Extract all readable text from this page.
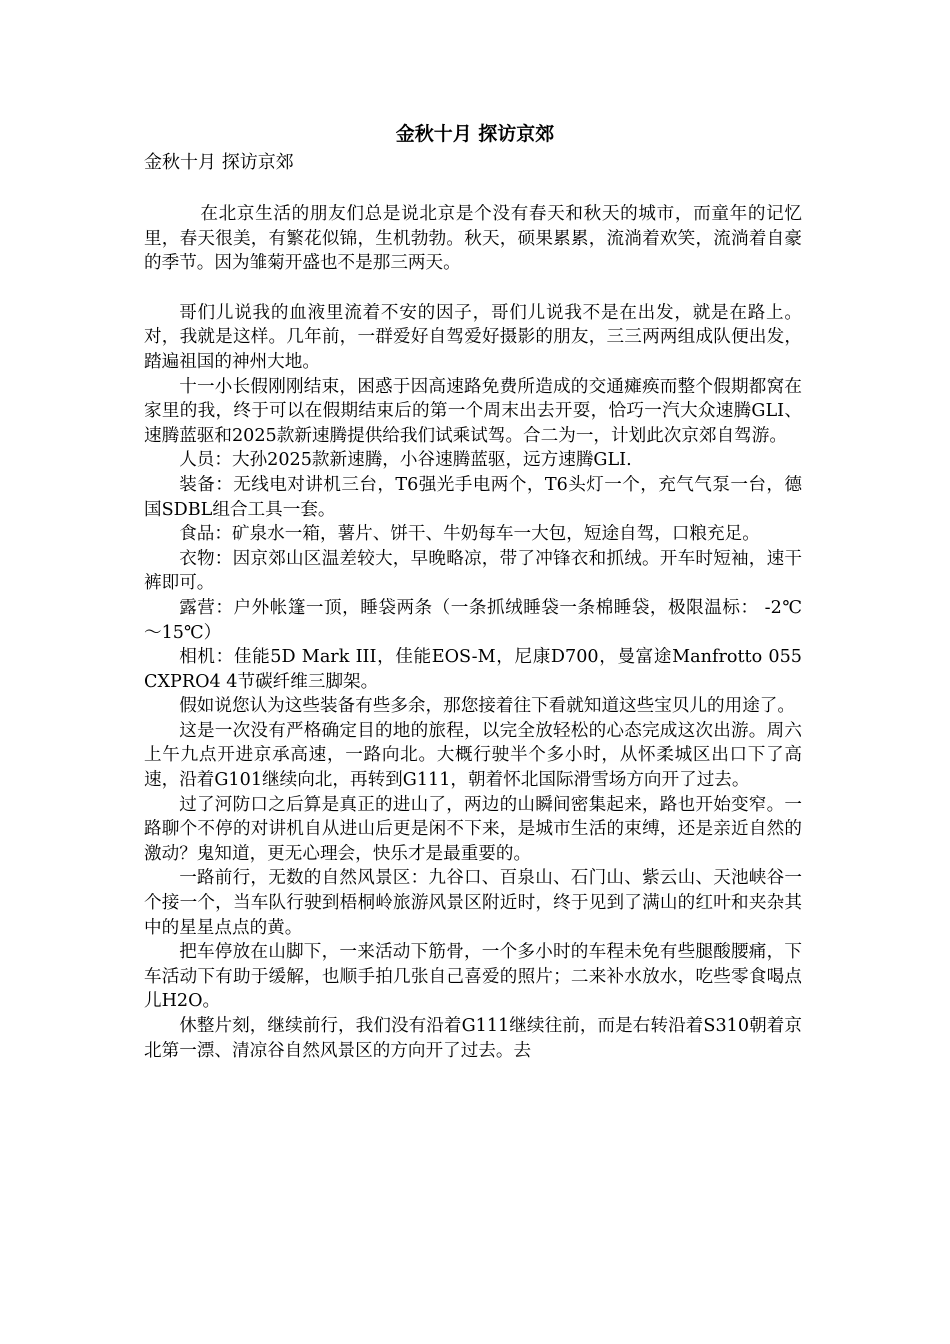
金秋十月 探访京郊

金秋十月 探访京郊

在北京生活的朋友们总是说北京是个没有春天和秋天的城市，而童年的记忆里，春天很美，有繁花似锦，生机勃勃。秋天，硕果累累，流淌着欢笑，流淌着自豪的季节。因为雏菊开盛也不是那三两天。

哥们儿说我的血液里流着不安的因子，哥们儿说我不是在出发，就是在路上。对，我就是这样。几年前，一群爱好自驾爱好摄影的朋友，三三两两组成队便出发，踏遍祖国的神州大地。

十一小长假刚刚结束，困惑于因高速路免费所造成的交通瘫痪而整个假期都窝在家里的我，终于可以在假期结束后的第一个周末出去开耍，恰巧一汽大众速腾GLI、速腾蓝驱和2025款新速腾提供给我们试乘试驾。合二为一，计划此次京郊自驾游。

人员：大孙2025款新速腾，小谷速腾蓝驱，远方速腾GLI.

装备：无线电对讲机三台，T6强光手电两个，T6头灯一个，充气气泵一台，德国SDBL组合工具一套。

食品：矿泉水一箱，薯片、饼干、牛奶每车一大包，短途自驾，口粮充足。

衣物：因京郊山区温差较大，早晚略凉，带了冲锋衣和抓绒。开车时短袖，速干裤即可。

露营：户外帐篷一顶，睡袋两条（一条抓绒睡袋一条棉睡袋，极限温标： -2℃～15℃）

相机：佳能5D Mark III，佳能EOS-M，尼康D700，曼富途Manfrotto 055CXPRO4 4节碳纤维三脚架。

假如说您认为这些装备有些多余，那您接着往下看就知道这些宝贝儿的用途了。

这是一次没有严格确定目的地的旅程，以完全放轻松的心态完成这次出游。周六上午九点开进京承高速，一路向北。大概行驶半个多小时，从怀柔城区出口下了高速，沿着G101继续向北，再转到G111，朝着怀北国际滑雪场方向开了过去。

过了河防口之后算是真正的进山了，两边的山瞬间密集起来，路也开始变窄。一路聊个不停的对讲机自从进山后更是闲不下来，是城市生活的束缚，还是亲近自然的激动？鬼知道，更无心理会，快乐才是最重要的。

一路前行，无数的自然风景区：九谷口、百泉山、石门山、紫云山、天池峡谷一个接一个，当车队行驶到梧桐岭旅游风景区附近时，终于见到了满山的红叶和夹杂其中的星星点点的黄。

把车停放在山脚下，一来活动下筋骨，一个多小时的车程未免有些腿酸腰痛，下车活动下有助于缓解，也顺手拍几张自己喜爱的照片；二来补水放水，吃些零食喝点儿H2O。

休整片刻，继续前行，我们没有沿着G111继续往前，而是右转沿着S310朝着京北第一漂、清凉谷自然风景区的方向开了过去。去
